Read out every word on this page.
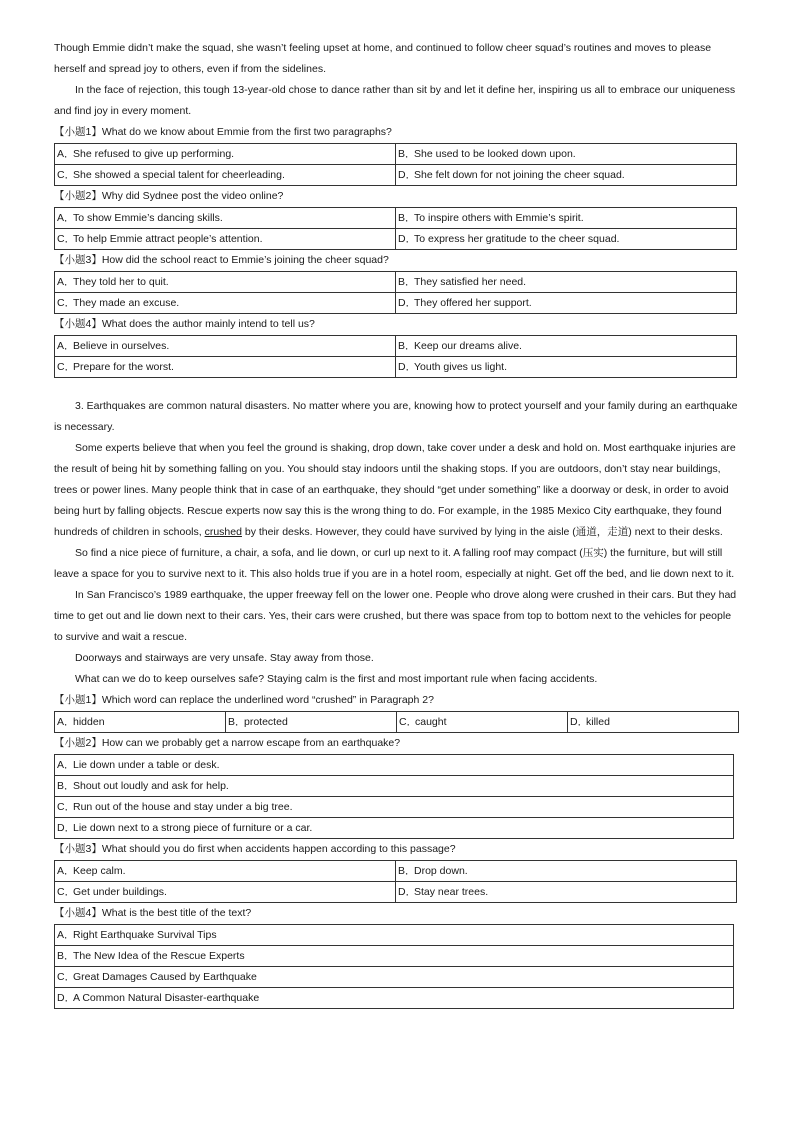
Though Emmie didn’t make the squad, she wasn’t feeling upset at home, and continued to follow cheer squad’s routines and moves to please herself and spread joy to others, even if from the sidelines.

In the face of rejection, this tough 13-year-old chose to dance rather than sit by and let it define her, inspiring us all to embrace our uniqueness and find joy in every moment.

【小题1】What do we know about Emmie from the first two paragraphs?
A．She refused to give up performing.	B．She used to be looked down upon.
C．She showed a special talent for cheerleading.	D．She felt down for not joining the cheer squad.
【小题2】Why did Sydnee post the video online?
A．To show Emmie’s dancing skills.	B．To inspire others with Emmie’s spirit.
C．To help Emmie attract people’s attention.	D．To express her gratitude to the cheer squad.
【小题3】How did the school react to Emmie’s joining the cheer squad?
A．They told her to quit.	B．They satisfied her need.
C．They made an excuse.	D．They offered her support.
【小题4】What does the author mainly intend to tell us?
A．Believe in ourselves.	B．Keep our dreams alive.
C．Prepare for the worst.	D．Youth gives us light.

3. Earthquakes are common natural disasters. No matter where you are, knowing how to protect yourself and your family during an earthquake is necessary.

Some experts believe that when you feel the ground is shaking, drop down, take cover under a desk and hold on. Most earthquake injuries are the result of being hit by something falling on you. You should stay indoors until the shaking stops. If you are outdoors, don’t stay near buildings, trees or power lines. Many people think that in case of an earthquake, they should “get under something” like a doorway or desk, in order to avoid being hurt by falling objects. Rescue experts now say this is the wrong thing to do. For example, in the 1985 Mexico City earthquake, they found hundreds of children in schools, crushed by their desks. However, they could have survived by lying in the aisle (通道，走道) next to their desks.

So find a nice piece of furniture, a chair, a sofa, and lie down, or curl up next to it. A falling roof may compact (压实) the furniture, but will still leave a space for you to survive next to it. This also holds true if you are in a hotel room, especially at night. Get off the bed, and lie down next to it.

In San Francisco’s 1989 earthquake, the upper freeway fell on the lower one. People who drove along were crushed in their cars. But they had time to get out and lie down next to their cars. Yes, their cars were crushed, but there was space from top to bottom next to the vehicles for people to survive and wait a rescue.

Doorways and stairways are very unsafe. Stay away from those.

What can we do to keep ourselves safe? Staying calm is the first and most important rule when facing accidents.

【小题1】Which word can replace the underlined word “crushed” in Paragraph 2?
A．hidden	B．protected	C．caught	D．killed
【小题2】How can we probably get a narrow escape from an earthquake?
A．Lie down under a table or desk.
B．Shout out loudly and ask for help.
C．Run out of the house and stay under a big tree.
D．Lie down next to a strong piece of furniture or a car.
【小题3】What should you do first when accidents happen according to this passage?
A．Keep calm.	B．Drop down.
C．Get under buildings.	D．Stay near trees.
【小题4】What is the best title of the text?
A．Right Earthquake Survival Tips
B．The New Idea of the Rescue Experts
C．Great Damages Caused by Earthquake
D．A Common Natural Disaster-earthquake
